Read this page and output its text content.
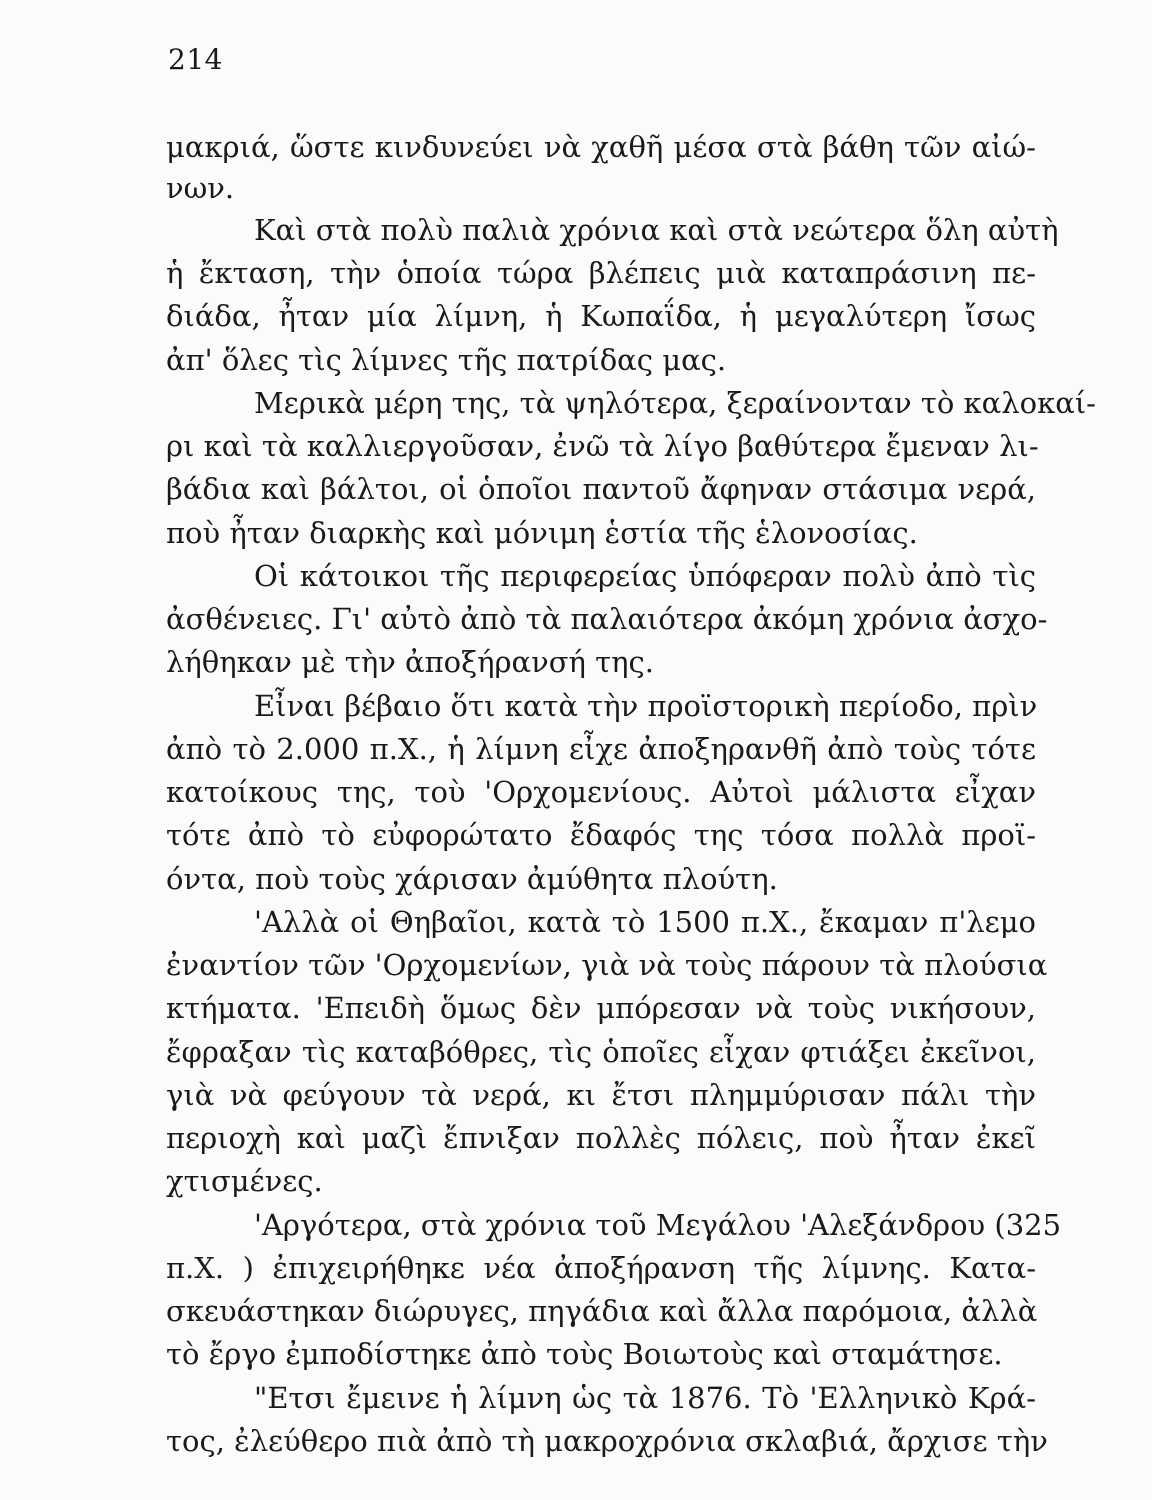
214
μακριά, ὥστε κινδυνεύει νὰ χαθῆ μέσα στὰ βάθη τῶν αἰώ-
νων.
Καὶ στὰ πολὺ παλιὰ χρόνια καὶ στὰ νεώτερα ὅλη αὐτὴ
ἡ ἔκταση, τὴν ὁποία τώρα βλέπεις μιὰ καταπράσινη πε-
διάδα, ἦταν μία λίμνη, ἡ Κωπαΐδα, ἡ μεγαλύτερη ἴσως
ἀπ' ὅλες τὶς λίμνες τῆς πατρίδας μας.
Μερικὰ μέρη της, τὰ ψηλότερα, ξεραίνονταν τὸ καλοκαί-
ρι καὶ τὰ καλλιεργοῦσαν, ἐνῶ τὰ λίγο βαθύτερα ἔμεναν λι-
βάδια καὶ βάλτοι, οἱ ὁποῖοι παντοῦ ἄφηναν στάσιμα νερά,
ποὺ ἦταν διαρκὴς καὶ μόνιμη ἑστία τῆς ἑλονοσίας.
Οἱ κάτοικοι τῆς περιφερείας ὑπόφεραν πολὺ ἀπὸ τὶς
ἀσθένειες. Γι' αὐτὸ ἀπὸ τὰ παλαιότερα ἀκόμη χρόνια ἀσχο-
λήθηκαν μὲ τὴν ἀποξήρανσή της.
Εἶναι βέβαιο ὅτι κατὰ τὴν προϊστορικὴ περίοδο, πρὶν
ἀπὸ τὸ 2.000 π.Χ., ἡ λίμνη εἶχε ἀποξηρανθῆ ἀπὸ τοὺς τότε
κατοίκους της, τοὺ 'Ορχομενίους. Αὐτοὶ μάλιστα εἶχαν
τότε ἀπὸ τὸ εὐφορώτατο ἔδαφός της τόσα πολλὰ προϊ-
όντα, ποὺ τοὺς χάρισαν ἀμύθητα πλούτη.
'Αλλὰ οἱ Θηβαῖοι, κατὰ τὸ 1500 π.Χ., ἔκαμαν π'λεμο
ἐναντίον τῶν 'Ορχομενίων, γιὰ νὰ τοὺς πάρουν τὰ πλούσια
κτήματα. 'Επειδὴ ὅμως δὲν μπόρεσαν νὰ τοὺς νικήσουν,
ἔφραξαν τὶς καταβόθρες, τὶς ὁποῖες εἶχαν φτιάξει ἐκεῖνοι,
γιὰ νὰ φεύγουν τὰ νερά, κι ἔτσι πλημμύρισαν πάλι τὴν
περιοχὴ καὶ μαζὶ ἔπνιξαν πολλὲς πόλεις, ποὺ ἦταν ἐκεῖ
χτισμένες.
'Αργότερα, στὰ χρόνια τοῦ Μεγάλου 'Αλεξάνδρου (325
π.Χ. ) ἐπιχειρήθηκε νέα ἀποξήρανση τῆς λίμνης. Κατα-
σκευάστηκαν διώρυγες, πηγάδια καὶ ἄλλα παρόμοια, ἀλλὰ
τὸ ἔργο ἐμποδίστηκε ἀπὸ τοὺς Βοιωτοὺς καὶ σταμάτησε.
"Ετσι ἔμεινε ἡ λίμνη ὡς τὰ 1876. Τὸ 'Ελληνικὸ Κρά-
τος, ἐλεύθερο πιὰ ἀπὸ τὴ μακροχρόνια σκλαβιά, ἄρχισε τὴν
